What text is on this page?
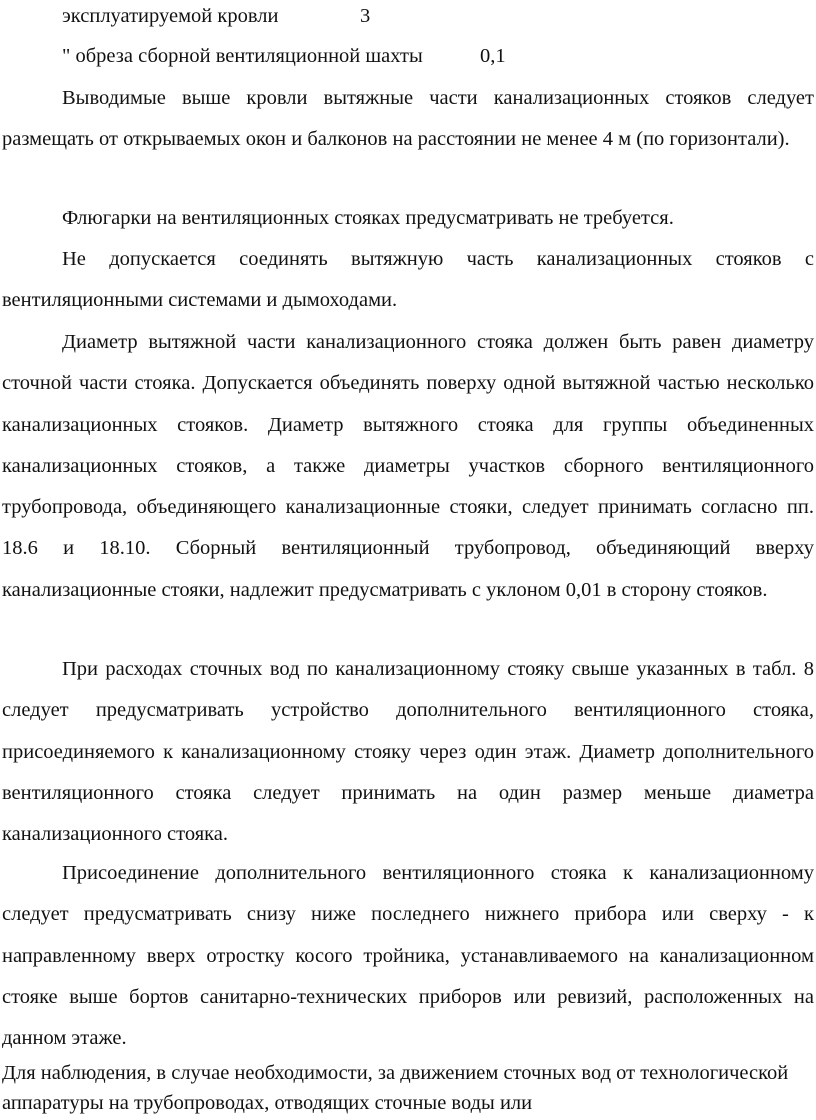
эксплуатируемой кровли	3
" обреза сборной вентиляционной шахты	0,1

Выводимые выше кровли вытяжные части канализационных стояков следует размещать от открываемых окон и балконов на расстоянии не менее 4 м (по горизонтали).

Флюгарки на вентиляционных стояках предусматривать не требуется.

Не допускается соединять вытяжную часть канализационных стояков с вентиляционными системами и дымоходами.

Диаметр вытяжной части канализационного стояка должен быть равен диаметру сточной части стояка. Допускается объединять поверху одной вытяжной частью несколько канализационных стояков. Диаметр вытяжного стояка для группы объединенных канализационных стояков, а также диаметры участков сборного вентиляционного трубопровода, объединяющего канализационные стояки, следует принимать согласно пп. 18.6 и 18.10. Сборный вентиляционный трубопровод, объединяющий вверху канализационные стояки, надлежит предусматривать с уклоном 0,01 в сторону стояков.

При расходах сточных вод по канализационному стояку свыше указанных в табл. 8 следует предусматривать устройство дополнительного вентиляционного стояка, присоединяемого к канализационному стояку через один этаж. Диаметр дополнительного вентиляционного стояка следует принимать на один размер меньше диаметра канализационного стояка.

Присоединение дополнительного вентиляционного стояка к канализационному следует предусматривать снизу ниже последнего нижнего прибора или сверху - к направленному вверх отростку косого тройника, устанавливаемого на канализационном стояке выше бортов санитарно-технических приборов или ревизий, расположенных на данном этаже.

Для наблюдения, в случае необходимости, за движением сточных вод от технологической аппаратуры на трубопроводах, отводящих сточные воды или
